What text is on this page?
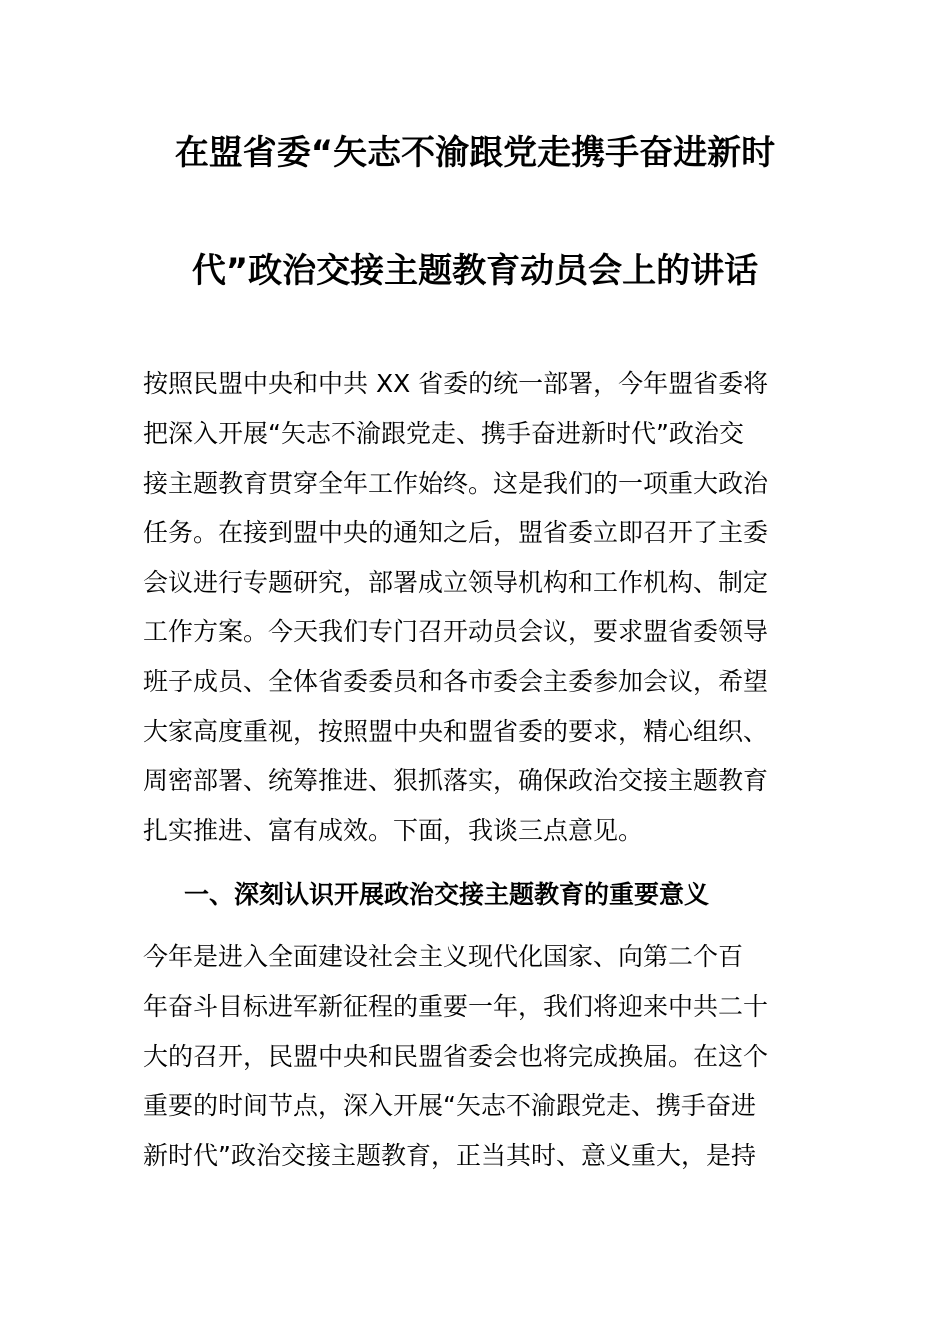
在盟省委“矢志不渝跟党走携手奋进新时
代”政治交接主题教育动员会上的讲话
按照民盟中央和中共 XX 省委的统一部署，今年盟省委将
把深入开展“矢志不渝跟党走、携手奋进新时代”政治交
接主题教育贯穿全年工作始终。这是我们的一项重大政治
任务。在接到盟中央的通知之后，盟省委立即召开了主委
会议进行专题研究，部署成立领导机构和工作机构、制定
工作方案。今天我们专门召开动员会议，要求盟省委领导
班子成员、全体省委委员和各市委会主委参加会议，希望
大家高度重视，按照盟中央和盟省委的要求，精心组织、
周密部署、统筹推进、狠抓落实，确保政治交接主题教育
扎实推进、富有成效。下面，我谈三点意见。
一、深刻认识开展政治交接主题教育的重要意义
今年是进入全面建设社会主义现代化国家、向第二个百
年奋斗目标进军新征程的重要一年，我们将迎来中共二十
大的召开，民盟中央和民盟省委会也将完成换届。在这个
重要的时间节点，深入开展“矢志不渝跟党走、携手奋进
新时代”政治交接主题教育，正当其时、意义重大，是持
